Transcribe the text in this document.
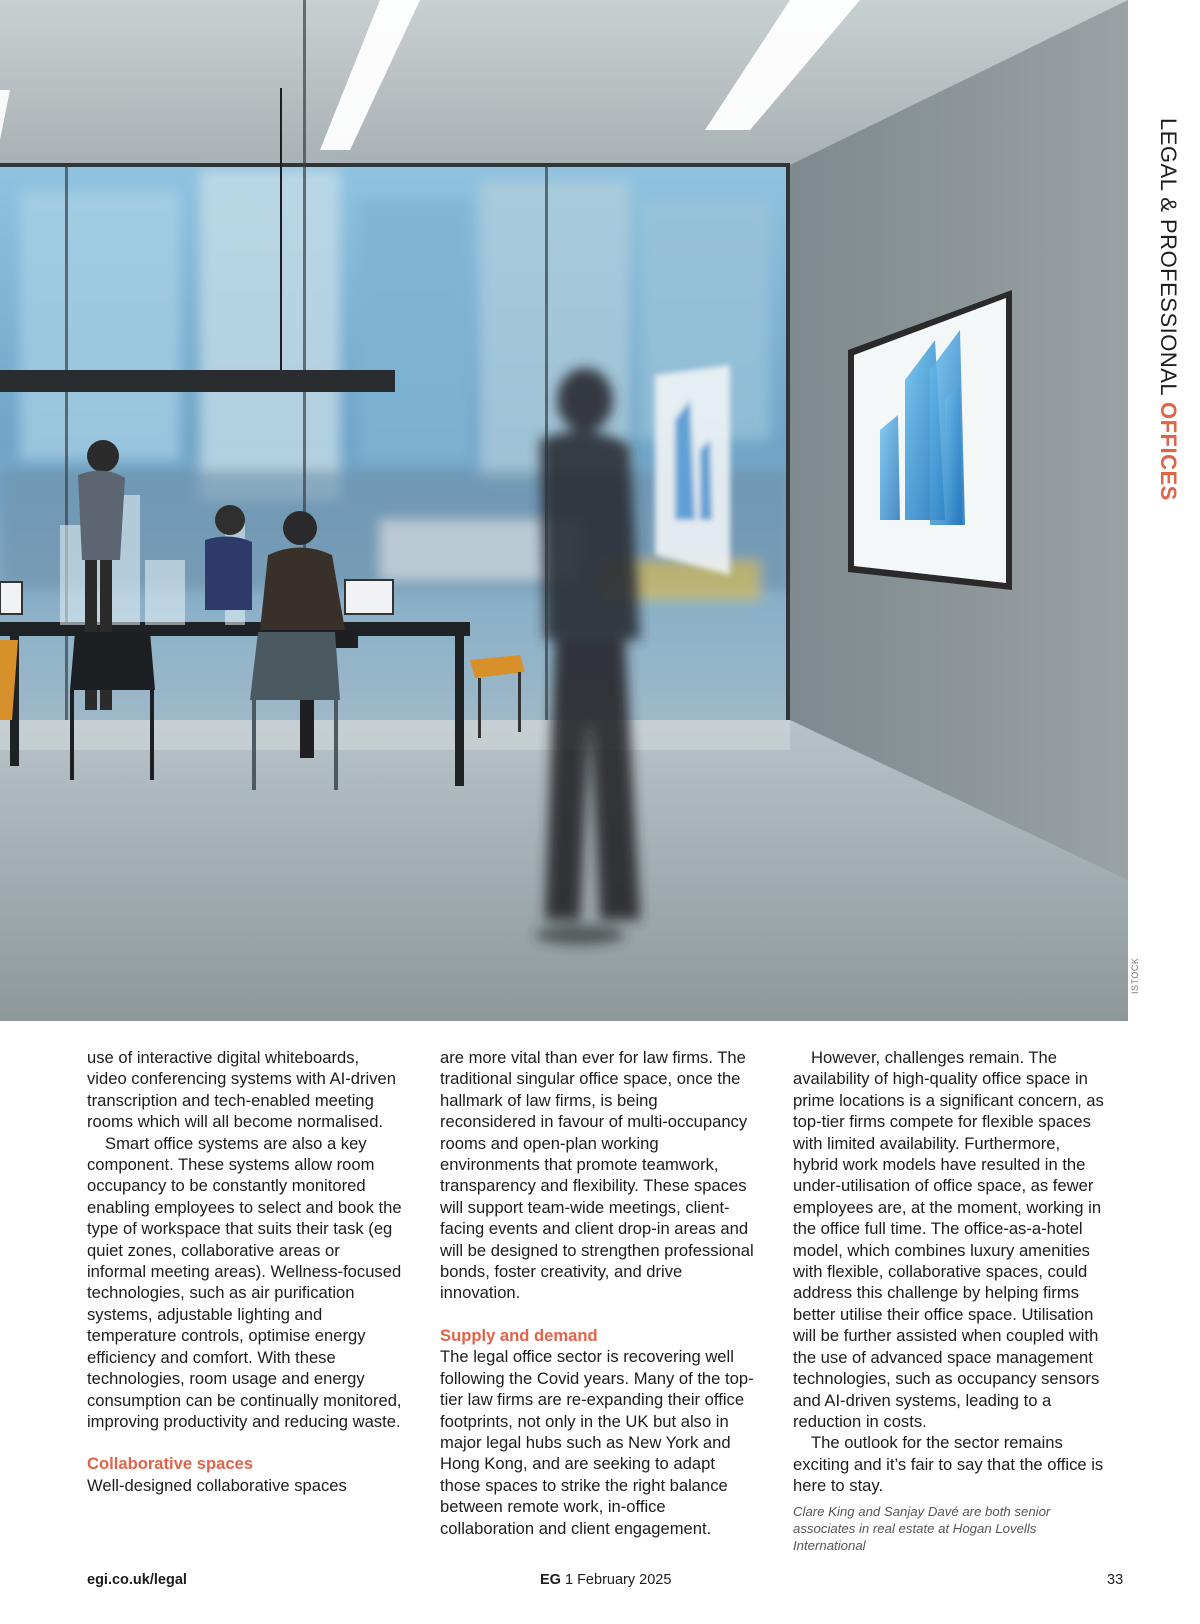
ISTOCK
LEGAL & PROFESSIONAL OFFICES

use of interactive digital whiteboards, video conferencing systems with AI-driven transcription and tech-enabled meeting rooms which will all become normalised.

Smart office systems are also a key component. These systems allow room occupancy to be constantly monitored enabling employees to select and book the type of workspace that suits their task (eg quiet zones, collaborative areas or informal meeting areas). Wellness-focused technologies, such as air purification systems, adjustable lighting and temperature controls, optimise energy efficiency and comfort. With these technologies, room usage and energy consumption can be continually monitored, improving productivity and reducing waste.

Collaborative spaces

Well-designed collaborative spaces

are more vital than ever for law firms. The traditional singular office space, once the hallmark of law firms, is being reconsidered in favour of multi-occupancy rooms and open-plan working environments that promote teamwork, transparency and flexibility. These spaces will support team-wide meetings, client-facing events and client drop-in areas and will be designed to strengthen professional bonds, foster creativity, and drive innovation.

Supply and demand

The legal office sector is recovering well following the Covid years. Many of the top-tier law firms are re-expanding their office footprints, not only in the UK but also in major legal hubs such as New York and Hong Kong, and are seeking to adapt those spaces to strike the right balance between remote work, in-office collaboration and client engagement.

However, challenges remain. The availability of high-quality office space in prime locations is a significant concern, as top-tier firms compete for flexible spaces with limited availability. Furthermore, hybrid work models have resulted in the under-utilisation of office space, as fewer employees are, at the moment, working in the office full time. The office-as-a-hotel model, which combines luxury amenities with flexible, collaborative spaces, could address this challenge by helping firms better utilise their office space. Utilisation will be further assisted when coupled with the use of advanced space management technologies, such as occupancy sensors and AI-driven systems, leading to a reduction in costs.

The outlook for the sector remains exciting and it’s fair to say that the office is here to stay.

Clare King and Sanjay Davé are both senior associates in real estate at Hogan Lovells International

egi.co.uk/legal	EG 1 February 2025	33
